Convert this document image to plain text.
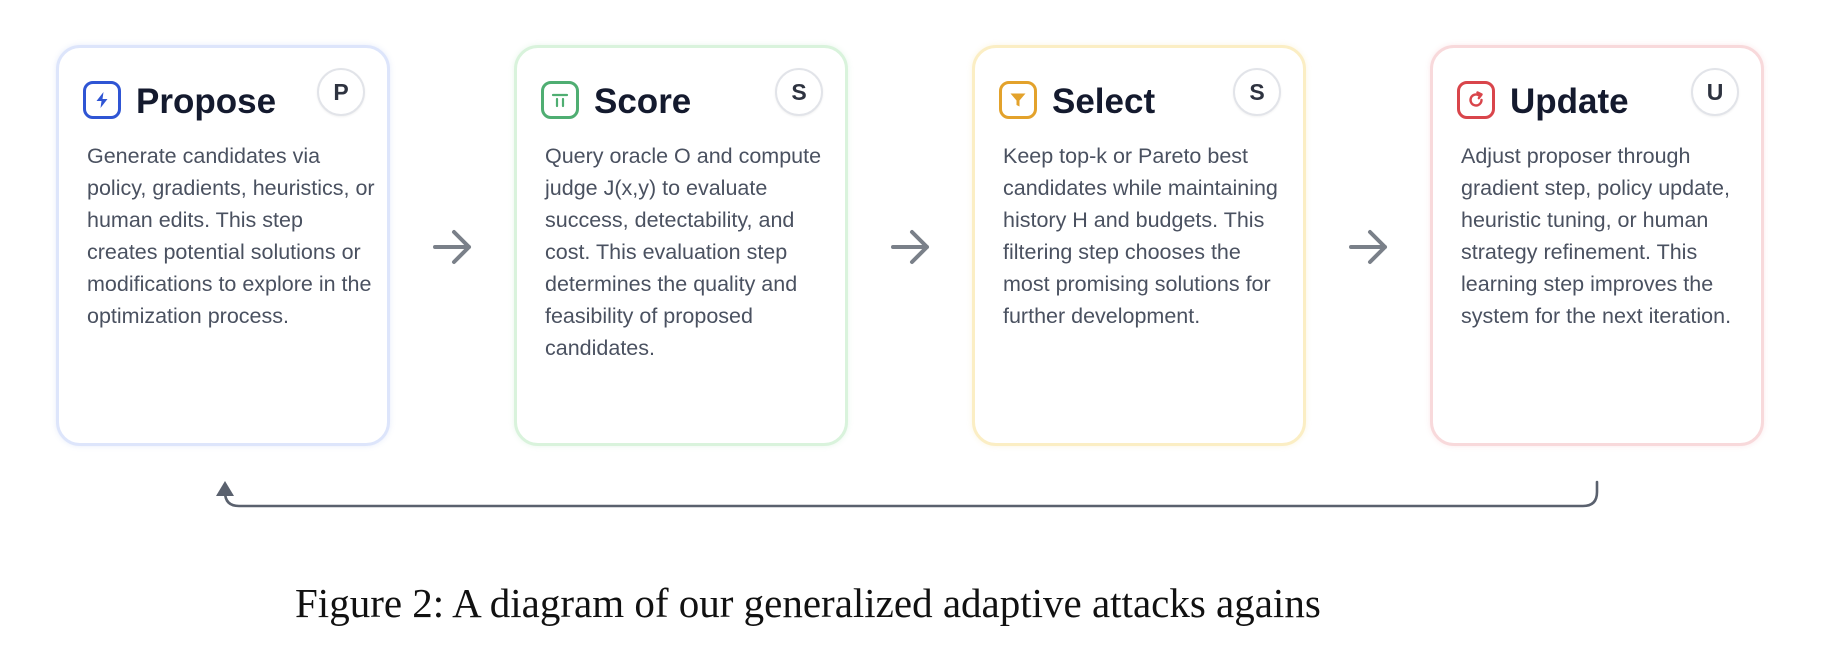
Propose	P

Generate candidates via policy, gradients, heuristics, or human edits. This step creates potential solutions or modifications to explore in the optimization process.

Score	S

Query oracle O and compute judge J(x,y) to evaluate success, detectability, and cost. This evaluation step determines the quality and feasibility of proposed candidates.

Select	S

Keep top-k or Pareto best candidates while maintaining history H and budgets. This filtering step chooses the most promising solutions for further development.

Update	U

Adjust proposer through gradient step, policy update, heuristic tuning, or human strategy refinement. This learning step improves the system for the next iteration.

Figure 2: A diagram of our generalized adaptive attacks agains
